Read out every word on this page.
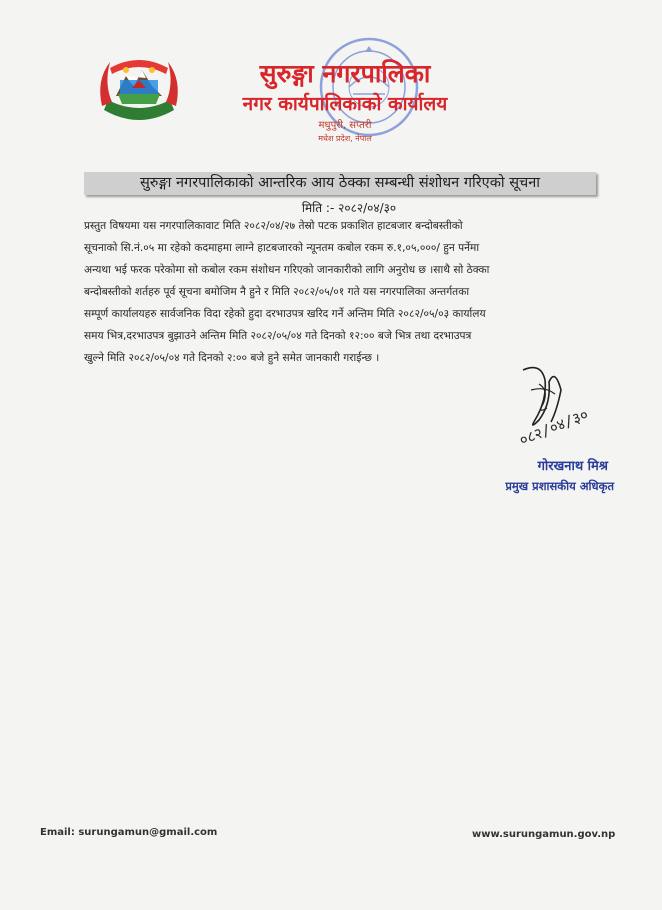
सुरुङ्गा नगरपालिका
नगर कार्यपालिकाको कार्यालय
मधुपुरी, सप्तरी
मधेश प्रदेश, नेपाल
सुरुङ्गा नगरपालिकाको आन्तरिक आय ठेक्का सम्बन्धी संशोधन गरिएको सूचना
मिति :- २०८२/०४/३०
प्रस्तुत विषयमा यस नगरपालिकावाट मिति २०८२/०४/२७ तेस्रो पटक प्रकाशित हाटबजार बन्दोबस्तीको
सूचनाको सि.नं.०५ मा रहेको कदमाहमा लाग्ने हाटबजारको न्यूनतम कबोल रकम रु.१,०५,०००/ हुन पर्नेमा
अन्यथा भई फरक परेकोमा सो कबोल रकम संशोधन गरिएको जानकारीको लागि अनुरोध छ ।साथै सो ठेक्का
बन्दोबस्तीको शर्तहरु पूर्व सूचना बमोजिम नै हुने र मिति २०८२/०५/०१ गते यस नगरपालिका अन्तर्गतका
सम्पूर्ण कार्यालयहरु सार्वजनिक विदा रहेको हुदा दरभाउपत्र खरिद गर्ने अन्तिम मिति २०८२/०५/०३ कार्यालय
समय भित्र,दरभाउपत्र बुझाउने अन्तिम मिति २०८२/०५/०४ गते दिनको १२:०० बजे भित्र तथा दरभाउपत्र
खुल्ने मिति २०८२/०५/०४ गते दिनको २:०० बजे हुने समेत जानकारी गराईन्छ ।
०८२/०४/३०
गोरखनाथ मिश्र
प्रमुख प्रशासकीय अधिकृत
Email: surungamun@gmail.com	www.surungamun.gov.np
